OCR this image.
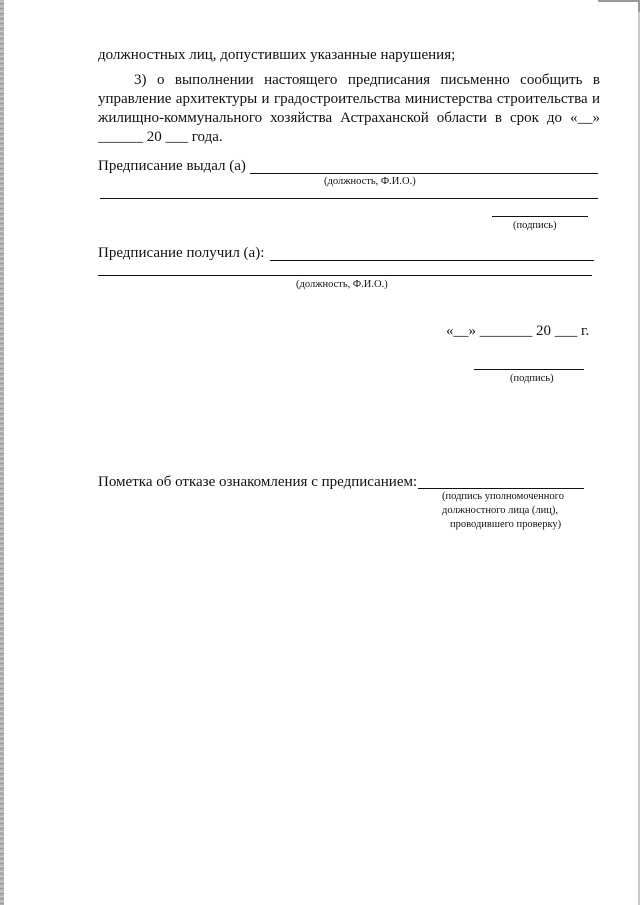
должностных лиц, допустивших указанные нарушения;
3) о выполнении настоящего предписания письменно сообщить в
управление архитектуры и градостроительства министерства строительства и
жилищно-коммунального хозяйства Астраханской области в срок до «__»
______ 20 ___ года.
Предписание выдал (а)
(должность, Ф.И.О.)
(подпись)
Предписание получил (а):
(должность, Ф.И.О.)
«__» _______ 20 ___ г.
(подпись)
Пометка об отказе ознакомления с предписанием:
(подпись уполномоченного
должностного лица (лиц),
проводившего проверку)
